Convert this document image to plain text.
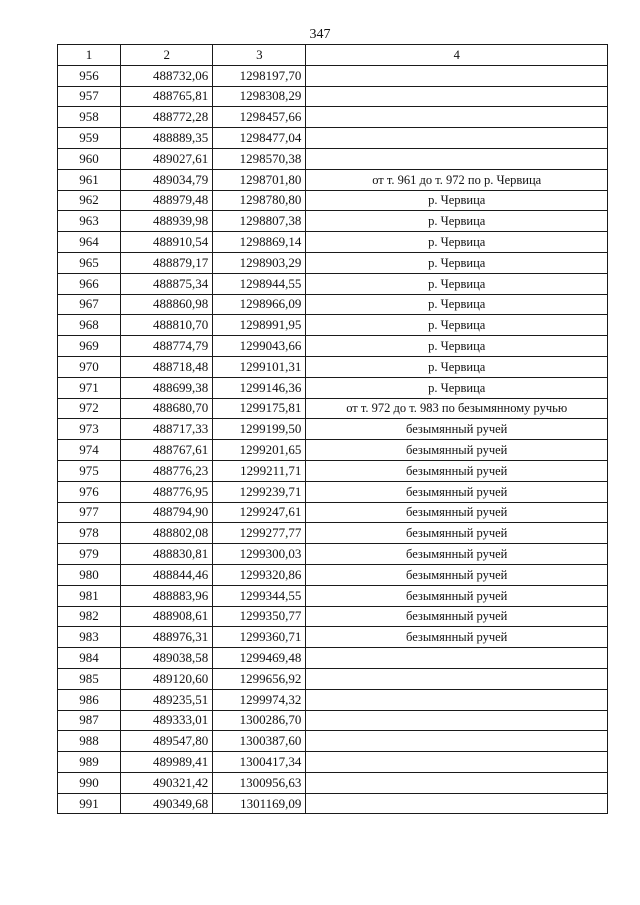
347
1	2	3	4
956	488732,06	1298197,70	
957	488765,81	1298308,29	
958	488772,28	1298457,66	
959	488889,35	1298477,04	
960	489027,61	1298570,38	
961	489034,79	1298701,80	от т. 961 до т. 972 по р. Червица
962	488979,48	1298780,80	р. Червица
963	488939,98	1298807,38	р. Червица
964	488910,54	1298869,14	р. Червица
965	488879,17	1298903,29	р. Червица
966	488875,34	1298944,55	р. Червица
967	488860,98	1298966,09	р. Червица
968	488810,70	1298991,95	р. Червица
969	488774,79	1299043,66	р. Червица
970	488718,48	1299101,31	р. Червица
971	488699,38	1299146,36	р. Червица
972	488680,70	1299175,81	от т. 972 до т. 983 по безымянному ручью
973	488717,33	1299199,50	безымянный ручей
974	488767,61	1299201,65	безымянный ручей
975	488776,23	1299211,71	безымянный ручей
976	488776,95	1299239,71	безымянный ручей
977	488794,90	1299247,61	безымянный ручей
978	488802,08	1299277,77	безымянный ручей
979	488830,81	1299300,03	безымянный ручей
980	488844,46	1299320,86	безымянный ручей
981	488883,96	1299344,55	безымянный ручей
982	488908,61	1299350,77	безымянный ручей
983	488976,31	1299360,71	безымянный ручей
984	489038,58	1299469,48	
985	489120,60	1299656,92	
986	489235,51	1299974,32	
987	489333,01	1300286,70	
988	489547,80	1300387,60	
989	489989,41	1300417,34	
990	490321,42	1300956,63	
991	490349,68	1301169,09	
